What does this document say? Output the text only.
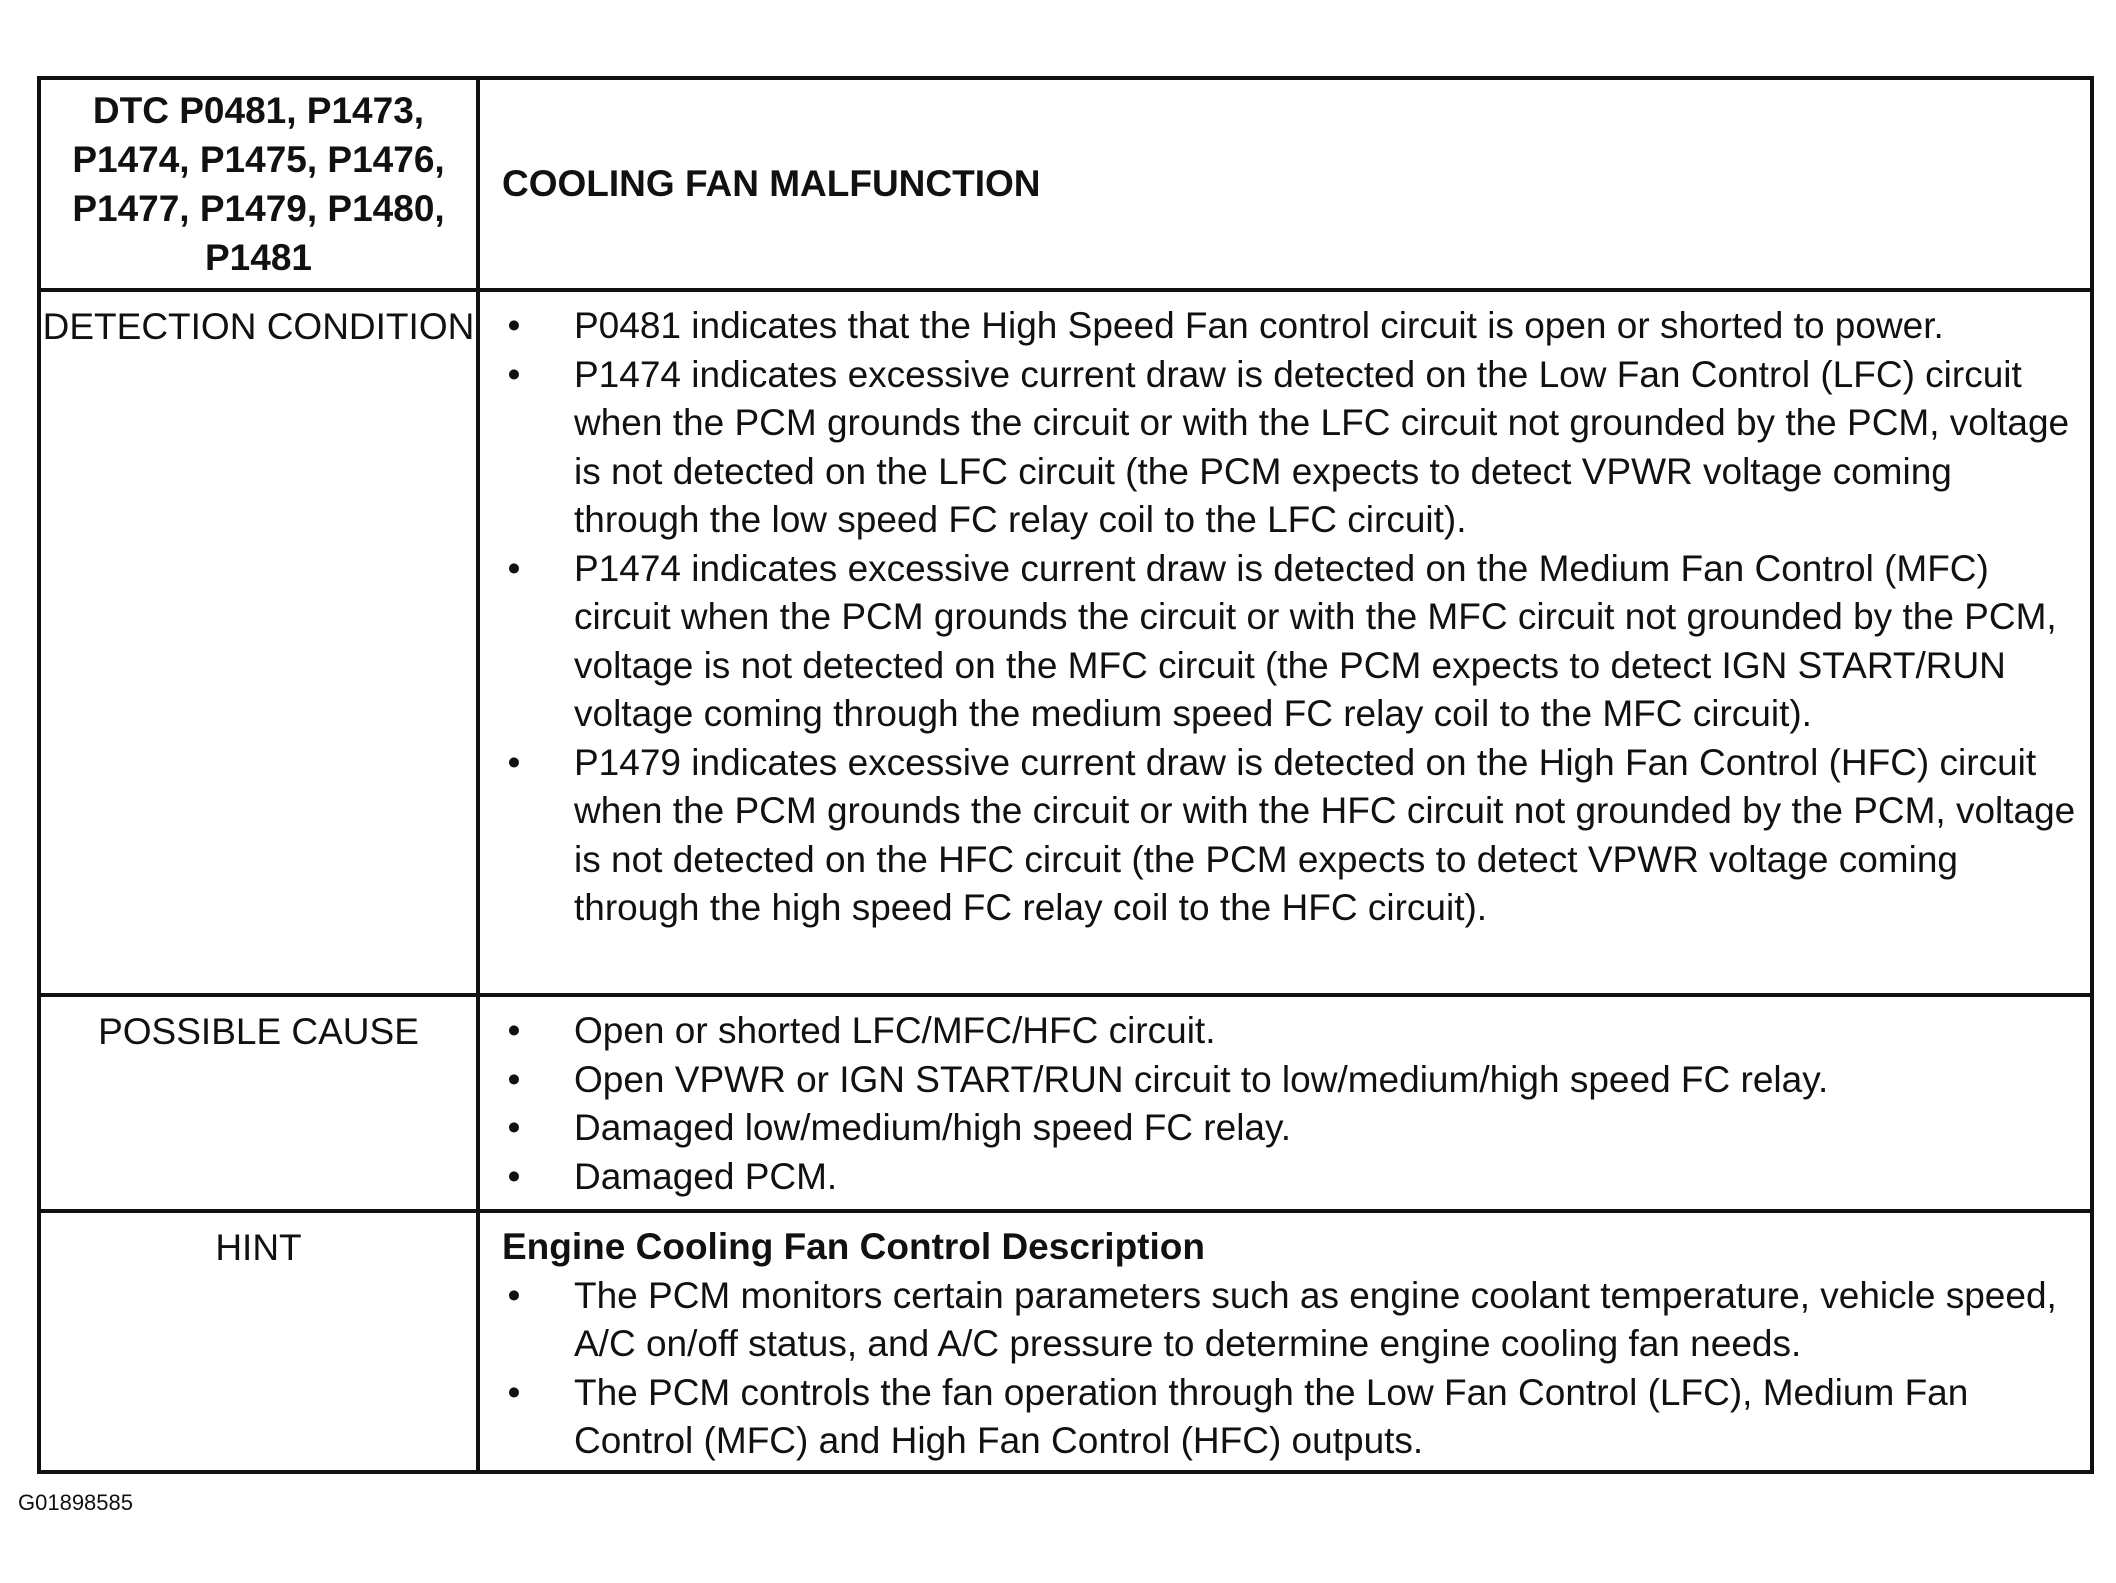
DTC P0481, P1473, P1474, P1475, P1476, P1477, P1479, P1480, P1481
COOLING FAN MALFUNCTION
DETECTION CONDITION • P0481 indicates that the High Speed Fan control circuit is open or shorted to power.
• P1474 indicates excessive current draw is detected on the Low Fan Control (LFC) circuit when the PCM grounds the circuit or with the LFC circuit not grounded by the PCM, voltage is not detected on the LFC circuit (the PCM expects to detect VPWR voltage coming through the low speed FC relay coil to the LFC circuit).
• P1474 indicates excessive current draw is detected on the Medium Fan Control (MFC) circuit when the PCM grounds the circuit or with the MFC circuit not grounded by the PCM, voltage is not detected on the MFC circuit (the PCM expects to detect IGN START/RUN voltage coming through the medium speed FC relay coil to the MFC circuit).
• P1479 indicates excessive current draw is detected on the High Fan Control (HFC) circuit when the PCM grounds the circuit or with the HFC circuit not grounded by the PCM, voltage is not detected on the HFC circuit (the PCM expects to detect VPWR voltage coming through the high speed FC relay coil to the HFC circuit).
POSSIBLE CAUSE	• Open or shorted LFC/MFC/HFC circuit.
• Open VPWR or IGN START/RUN circuit to low/medium/high speed FC relay.
• Damaged low/medium/high speed FC relay.
• Damaged PCM.
HINT	Engine Cooling Fan Control Description
• The PCM monitors certain parameters such as engine coolant temperature, vehicle speed, A/C on/off status, and A/C pressure to determine engine cooling fan needs.
• The PCM controls the fan operation through the Low Fan Control (LFC), Medium Fan Control (MFC) and High Fan Control (HFC) outputs.
G01898585
